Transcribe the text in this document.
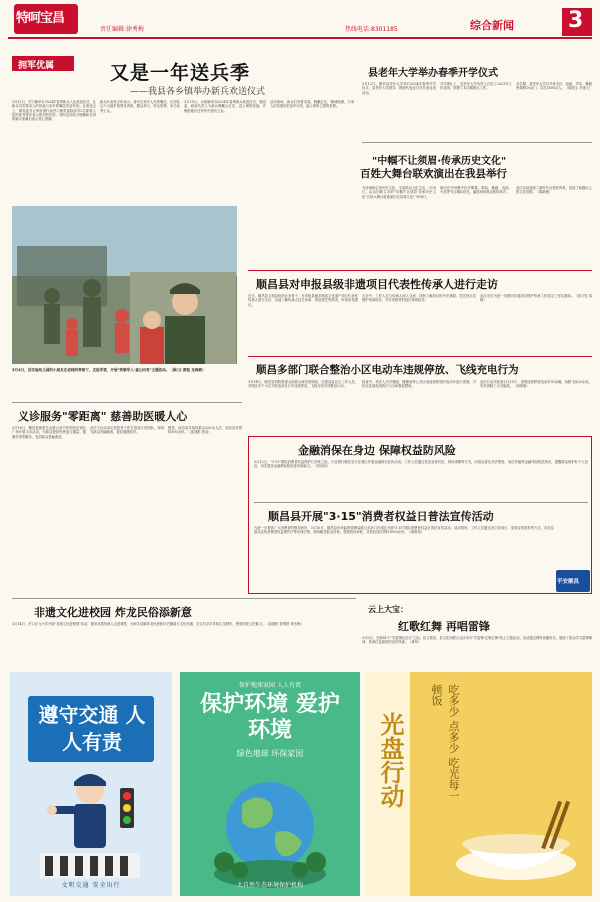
特呵宝昌
责任编辑:徐秀梅	热线电话:8301185	综合新闻 3
拥军优属	又是一年送兵季
——我县各乡镇举办新兵欢送仪式
3月12日，淳口镇举行2024年春季新兵入伍欢送仪式，让新兵们带着亲人的祝福与家乡的嘱托奔赴军营。在欢送会上，镇党委书记李蓓勇代表淳口镇党委政府对2名即将入伍的优秀青年表示热烈的祝贺，同时也向给予理解和支持的新兵家属们表示衷心感谢。
新兵代表发言时表示，将牢记家乡人民的嘱托，在部队这个大熔炉里刻苦训练，服从命令，听从指挥，争当优秀士兵。
3月15日，永和镇举办2024年春季新兵欢送仪式，镇党委、政府负责人为新兵佩戴大红花，送上诚挚祝福，并勉励他们在军营中建功立业。
活动现场，新兵们身着戎装，胸戴红花，精神饱满，与家人依依惜别后登车出发，踏上保家卫国的征程。
3月4日，县实验幼儿园的小朋友在老师的带领下，走进军营，开展"致敬军人·童心向党"主题活动。（图/文 黄铭 龙海燕）
县老年大学举办春季开学仪式
3月12日，顺昌县老年大学举行2024年春季开学仪式，县老年大学领导、教师代表及学员代表参加活动。
开学典礼上，县老年大学负责人总结了2023年工作成绩，部署了本学期重点工作。
本学期，县老年大学共开设书法、绘画、声乐、舞蹈等课程20余门，学员1600余人。（陈明玉 尹建文）
"中帼不让须眉·传承历史文化"
百姓大舞台联欢演出在我县举行
为传承和弘扬历史文化，丰富群众文化生活，3月8日，由县妇联主办的"巾帼不让须眉·传承历史文化"百姓大舞台联欢演出在县城文化广场举行。
演出在开场舞中拉开帷幕，歌曲、舞蹈、戏曲、小品等节目精彩纷呈，赢得现场观众阵阵掌声。
此次活动展现了新时代女性的风采，营造了积极向上的文化氛围。（陈新敏）
顺昌县对申报县级非遗项目代表性传承人进行走访
近日，顺昌县文旅局组织业务骨干，对申报县级非物质文化遗产项目代表性传承人进行走访，实地了解传承人技艺传承、带徒授艺等情况，听取意见建议。
走访中，工作人员与传承人深入交流，详细了解项目的历史渊源、技艺特点及保护传承现状，并对申报材料进行现场指导。
此次走访为进一步做好非遗项目保护传承工作奠定了坚实基础。（黄文钰 邹敏）
顺昌多部门联合整治小区电动车违规停放、飞线充电行为
3月14日，顺昌县消防救援大队联合城市管理局、住建局及社区工作人员，对城区多个小区开展电动自行车违规停放、飞线充电专项整治行动。
检查中，执法人员对楼道、楼梯间等公共区域违规停放的电动车进行清理，对私拉乱接电线的行为当场督促整改。
此次行动共检查小区15个，清理违规停放电动车30余辆，拆除飞线20余处，有效消除了火灾隐患。（吴晓瑜）
义诊服务"零距离" 慈善助医暖人心
3月16日，顺昌县慈善总会联合县中医医院在城区广场开展义诊活动，为群众提供免费血压测量、健康咨询等服务，受到群众普遍欢迎。
此次义诊活动由医院骨干医生组成专家团队，现场为群众答疑解惑，普及健康知识。
据悉，该活动共接待群众200余人次，发放宣传资料500余份。（邱建彬 张浩）
金融消保在身边 保障权益防风险
3月12日，"3·15"国际消费者权益保护日到来之际，兴业银行顺昌支行在城区开展金融知识宣传活动。工作人员通过发放宣传折页、现场讲解等方式，向群众普及非法集资、电信诈骗等金融风险防范知识，提醒群众保护好个人信息，切实提高金融风险防范意识和能力。（刘诗韵）
顺昌县开展"3·15"消费者权益日普法宣传活动
为进一步提高广大消费者的维权意识，3月15日，顺昌县市场监督管理局联合多部门在城区开展"3·15"国际消费者权益日普法宣传活动。活动现场，工作人员通过设立咨询台、发放宣传资料等方式，向过往群众宣传消费者权益保护法等法律法规，现场解答群众咨询，受理投诉举报，共发放宣传资料1000余份。（秦筱纯）
平安顺昌
非遗文化进校园 炸龙民俗添新意
3月14日，淳口正元小学开展"非遗文化进校园"活动，邀请非遗传承人走进课堂，为师生讲解炸龙民俗的历史渊源与文化内涵，学生们亲手体验扎龙制作，感受传统文化魅力。（邱建彬 曾明婷 黄冬梅）
云上大宝：
红歌红舞 再唱雷锋
3月5日，在第61个"学雷锋纪念日"之际，县文旅局、县文化馆联合社区举办"学雷锋·红歌红舞"线上主题活动。活动通过网络直播形式，展现了群众学习雷锋精神、传承红色基因的良好风貌。（林华）
遵守交通 人人有责
文明交通 安全出行
保护地球家园 人人有责
保护环境 爱护环境
绿色地球 环保家园
大自然生态环境保护机构
光盘行动	吃多少 点多少 吃光每一顿饭
